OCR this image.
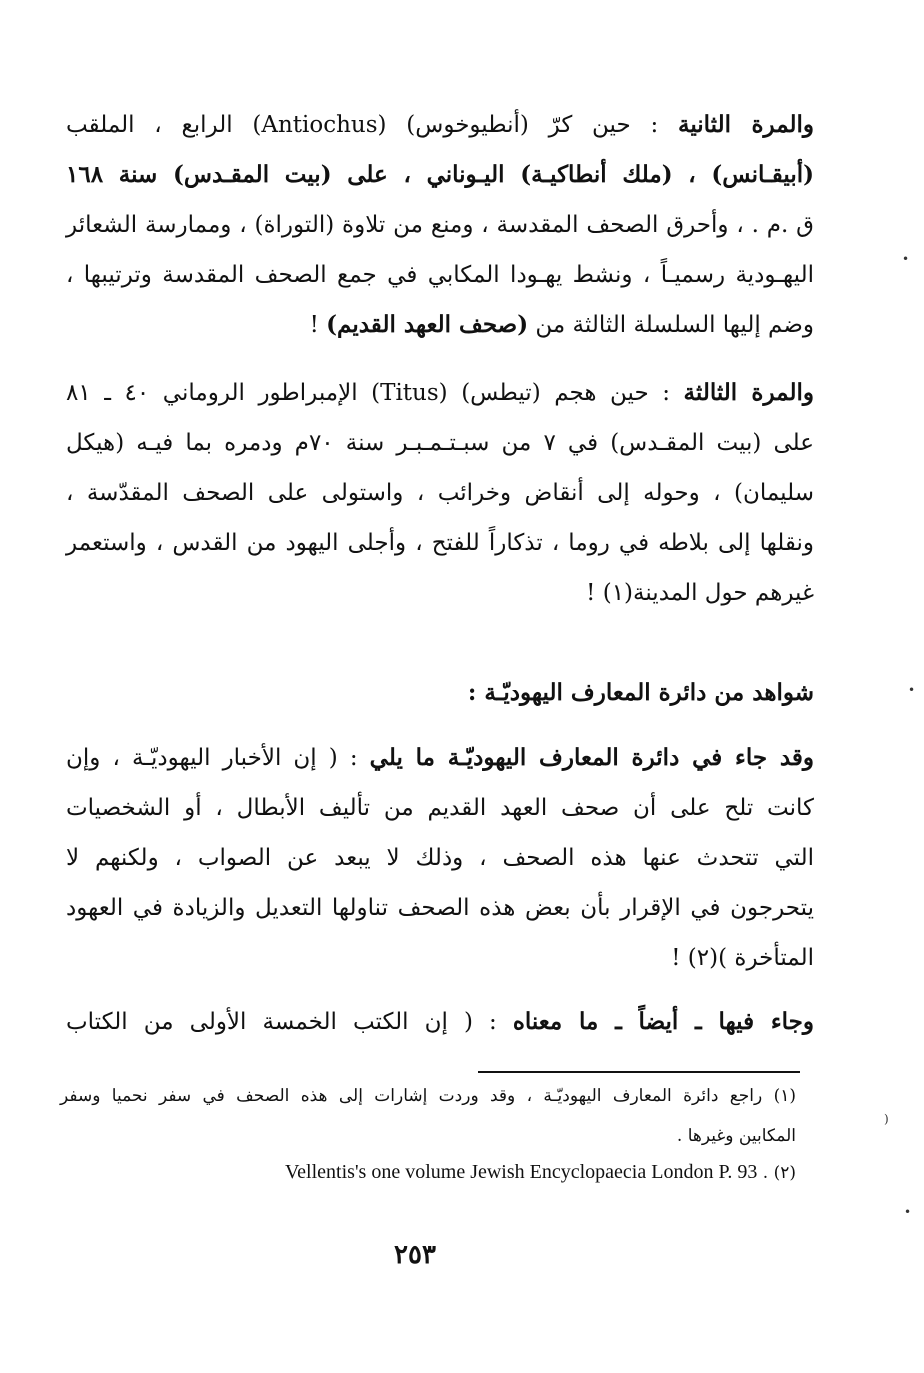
والمرة الثانية : حين كرّ (أنطيوخوس) (Antiochus) الرابع ، الملقب
(أبيقـانس) ، (ملك أنطاكيـة) اليـوناني ، على (بيت المقـدس) سنة ١٦٨
ق .م . ، وأحرق الصحف المقدسة ، ومنع من تلاوة (التوراة) ، وممارسة الشعائر
اليهـودية رسميـاً ، ونشط يهـودا المكابي في جمع الصحف المقدسة وترتيبها ،
وضم إليها السلسلة الثالثة من (صحف العهد القديم) !
والمرة الثالثة : حين هجم (تيطس) (Titus) الإمبراطور الروماني ٤٠ ـ ٨١
على (بيت المقـدس) في ٧ من سبـتـمـبـر سنة ٧٠م ودمره بما فيـه (هيكل
سليمان) ، وحوله إلى أنقاض وخرائب ، واستولى على الصحف المقدّسة ،
ونقلها إلى بلاطه في روما ، تذكاراً للفتح ، وأجلى اليهود من القدس ، واستعمر
غيرهم حول المدينة(١) !
شواهد من دائرة المعارف اليهوديّـة :
وقد جاء في دائرة المعارف اليهوديّـة ما يلي : ( إن الأخبار اليهوديّـة ، وإن
كانت تلح على أن صحف العهد القديم من تأليف الأبطال ، أو الشخصيات
التي تتحدث عنها هذه الصحف ، وذلك لا يبعد عن الصواب ، ولكنهم لا
يتحرجون في الإقرار بأن بعض هذه الصحف تناولها التعديل والزيادة في العهود
المتأخرة )(٢) !
وجاء فيها ـ أيضاً ـ ما معناه : ( إن الكتب الخمسة الأولى من الكتاب
(١) راجع دائرة المعارف اليهوديّـة ، وقد وردت إشارات إلى هذه الصحف في سفر نحميا وسفر
المكابين وغيرها .
(٢) . Vellentis's one volume Jewish Encyclopaecia London P. 93
٢٥٣
•
•
)
•
